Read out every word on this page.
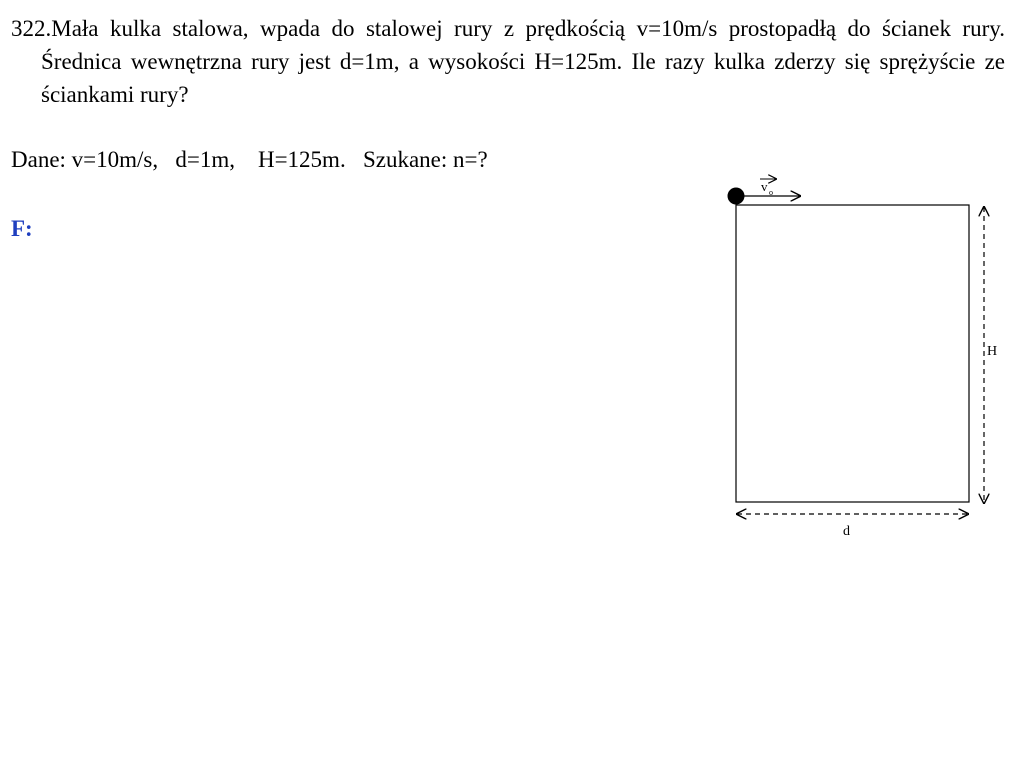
322.Mała kulka stalowa, wpada do stalowej rury z prędkością v=10m/s prostopadłą do ścianek rury. Średnica wewnętrzna rury jest d=1m, a wysokości H=125m. Ile razy kulka zderzy się sprężyście ze ściankami rury?

Dane: v=10m/s,   d=1m,    H=125m.   Szukane: n=?

F:

v o
H
d
